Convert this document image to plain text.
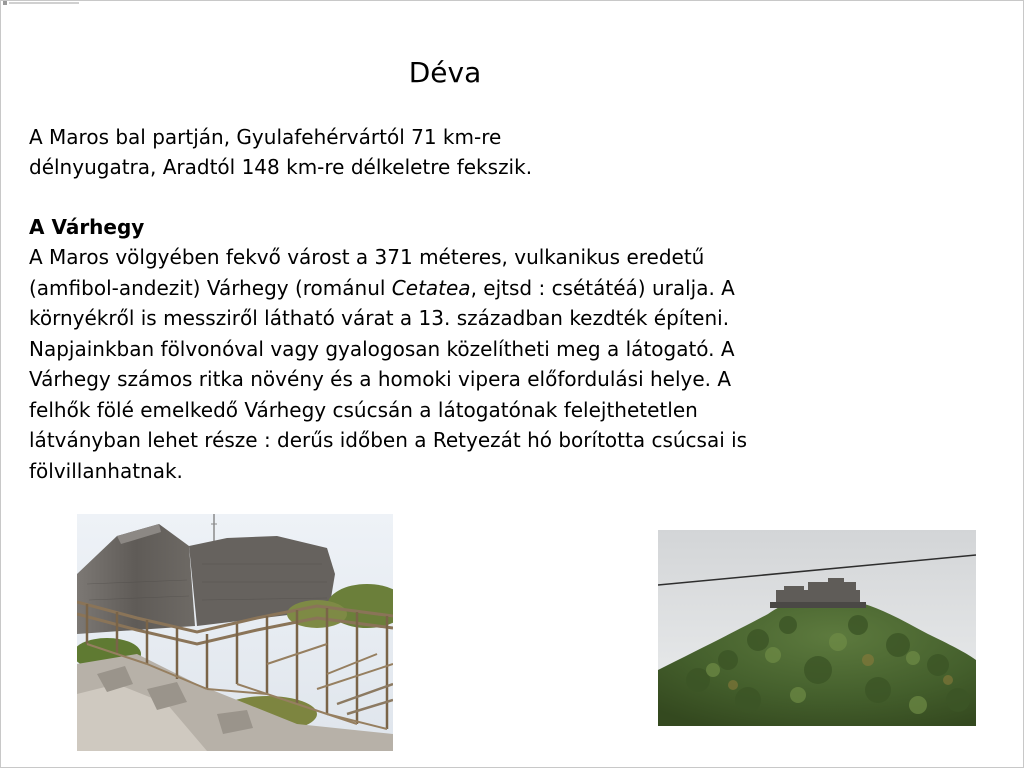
Déva
A Maros bal partján, Gyulafehérvártól 71 km-re
délnyugatra, Aradtól 148 km-re délkeletre fekszik.
A Várhegy
A Maros völgyében fekvő várost a 371 méteres, vulkanikus eredetű
(amfibol-andezit) Várhegy (románul Cetatea, ejtsd : csétátéá) uralja. A
környékről is messziről látható várat a 13. században kezdték építeni.
Napjainkban fölvonóval vagy gyalogosan közelítheti meg a látogató. A
Várhegy számos ritka növény és a homoki vipera előfordulási helye. A
felhők fölé emelkedő Várhegy csúcsán a látogatónak felejthetetlen
látványban lehet része : derűs időben a Retyezát hó borította csúcsai is
fölvillanhatnak.
